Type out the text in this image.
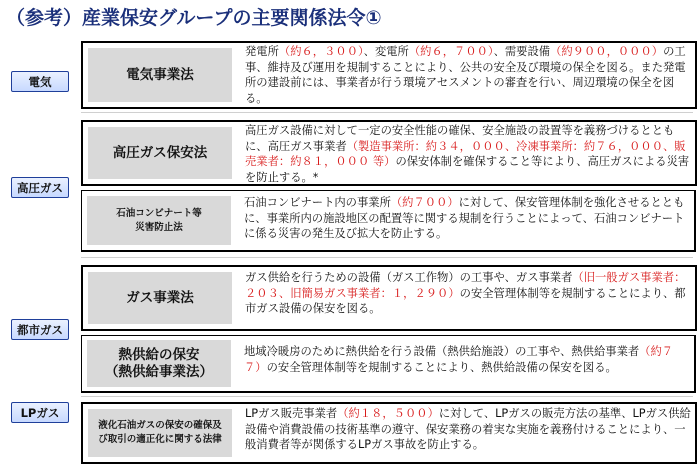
（参考）産業保安グループの主要関係法令①
電気
高圧ガス
都市ガス
LPガス
電気事業法
発電所（約６，３００）、変電所（約６，７００）、需要設備（約９００，０００）の工事、維持及び運用を規制することにより、公共の安全及び環境の保全を図る。また発電所の建設前には、事業者が行う環境アセスメントの審査を行い、周辺環境の保全を図る。
高圧ガス保安法
高圧ガス設備に対して一定の安全性能の確保、安全施設の設置等を義務づけるとともに、高圧ガス事業者（製造事業所：約３４，０００、冷凍事業所：約７６，０００、販売業者：約８１，０００ 等）の保安体制を確保すること等により、高圧ガスによる災害を防止する。*
石油コンビナート等
災害防止法
石油コンビナート内の事業所（約７００）に対して、保安管理体制を強化させるとともに、事業所内の施設地区の配置等に関する規制を行うことによって、石油コンビナートに係る災害の発生及び拡大を防止する。
ガス事業法
ガス供給を行うための設備（ガス工作物）の工事や、ガス事業者（旧一般ガス事業者：２０３、旧簡易ガス事業者：１，２９０）の安全管理体制等を規制することにより、都市ガス設備の保安を図る。
熱供給の保安
（熱供給事業法）
地域冷暖房のために熱供給を行う設備（熱供給施設）の工事や、熱供給事業者（約７７）の安全管理体制等を規制することにより、熱供給設備の保安を図る。
液化石油ガスの保安の確保及
び取引の適正化に関する法律
LPガス販売事業者（約１８，５００）に対して、LPガスの販売方法の基準、LPガス供給設備や消費設備の技術基準の遵守、保安業務の着実な実施を義務付けることにより、一般消費者等が関係するLPガス事故を防止する。
